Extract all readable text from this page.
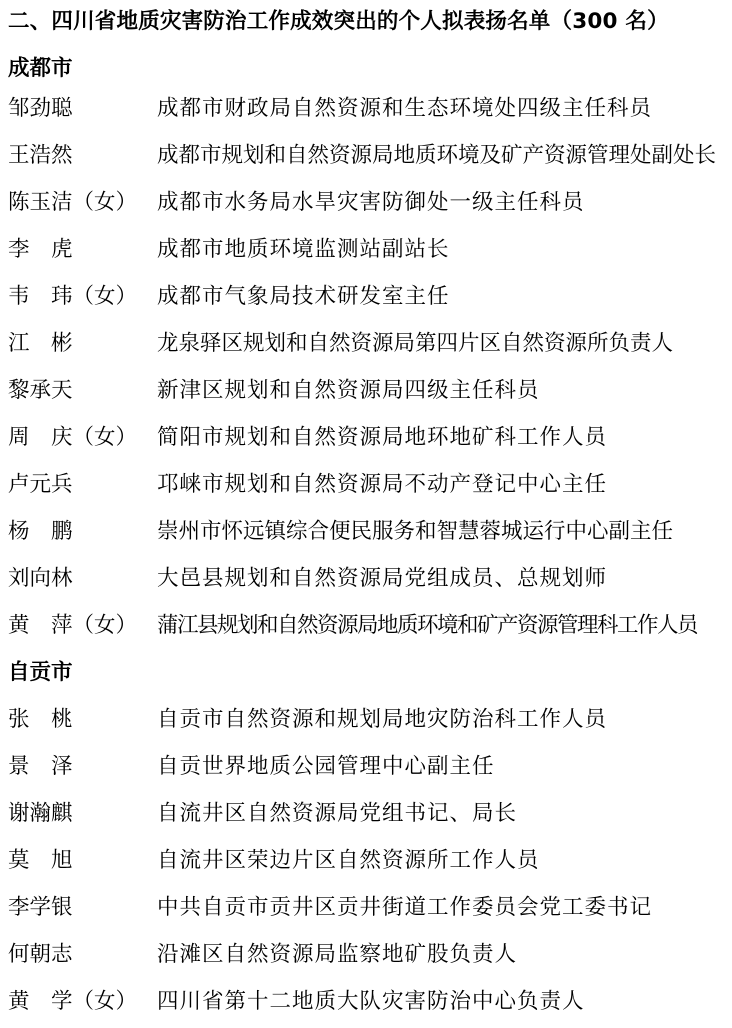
二、四川省地质灾害防治工作成效突出的个人拟表扬名单（300 名）
成都市
邹劲聪	成都市财政局自然资源和生态环境处四级主任科员
王浩然	成都市规划和自然资源局地质环境及矿产资源管理处副处长
陈玉洁（女） 成都市水务局水旱灾害防御处一级主任科员
李　虎	成都市地质环境监测站副站长
韦　玮（女） 成都市气象局技术研发室主任
江　彬	龙泉驿区规划和自然资源局第四片区自然资源所负责人
黎承天	新津区规划和自然资源局四级主任科员
周　庆（女） 简阳市规划和自然资源局地环地矿科工作人员
卢元兵	邛崃市规划和自然资源局不动产登记中心主任
杨　鹏	崇州市怀远镇综合便民服务和智慧蓉城运行中心副主任
刘向林	大邑县规划和自然资源局党组成员、总规划师
黄　萍（女） 蒲江县规划和自然资源局地质环境和矿产资源管理科工作人员
自贡市
张　桃	自贡市自然资源和规划局地灾防治科工作人员
景　泽	自贡世界地质公园管理中心副主任
谢瀚麒	自流井区自然资源局党组书记、局长
莫　旭	自流井区荣边片区自然资源所工作人员
李学银	中共自贡市贡井区贡井街道工作委员会党工委书记
何朝志	沿滩区自然资源局监察地矿股负责人
黄　学（女） 四川省第十二地质大队灾害防治中心负责人
